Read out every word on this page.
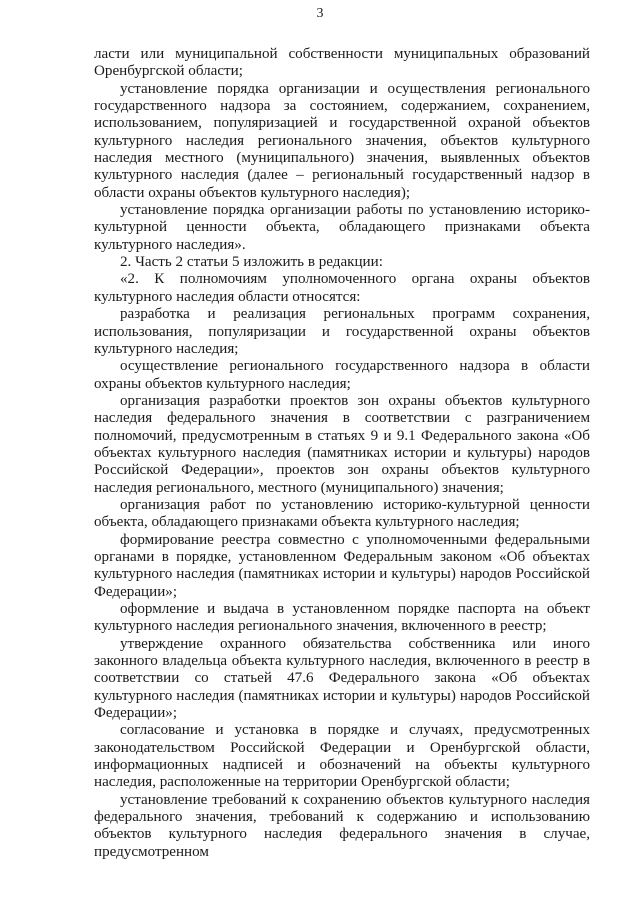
3

ласти или муниципальной собственности муниципальных образований Оренбургской области;

установление порядка организации и осуществления регионального государственного надзора за состоянием, содержанием, сохранением, использованием, популяризацией и государственной охраной объектов культурного наследия регионального значения, объектов культурного наследия местного (муниципального) значения, выявленных объектов культурного наследия (далее – региональный государственный надзор в области охраны объектов культурного наследия);

установление порядка организации работы по установлению историко-культурной ценности объекта, обладающего признаками объекта культурного наследия».

2. Часть 2 статьи 5 изложить в редакции:

«2. К полномочиям уполномоченного органа охраны объектов культурного наследия области относятся:

разработка и реализация региональных программ сохранения, использования, популяризации и государственной охраны объектов культурного наследия;

осуществление регионального государственного надзора в области охраны объектов культурного наследия;

организация разработки проектов зон охраны объектов культурного наследия федерального значения в соответствии с разграничением полномочий, предусмотренным в статьях 9 и 9.1 Федерального закона «Об объектах культурного наследия (памятниках истории и культуры) народов Российской Федерации», проектов зон охраны объектов культурного наследия регионального, местного (муниципального) значения;

организация работ по установлению историко-культурной ценности объекта, обладающего признаками объекта культурного наследия;

формирование реестра совместно с уполномоченными федеральными органами в порядке, установленном Федеральным законом «Об объектах культурного наследия (памятниках истории и культуры) народов Российской Федерации»;

оформление и выдача в установленном порядке паспорта на объект культурного наследия регионального значения, включенного в реестр;

утверждение охранного обязательства собственника или иного законного владельца объекта культурного наследия, включенного в реестр в соответствии со статьей 47.6 Федерального закона «Об объектах культурного наследия (памятниках истории и культуры) народов Российской Федерации»;

согласование и установка в порядке и случаях, предусмотренных законодательством Российской Федерации и Оренбургской области, информационных надписей и обозначений на объекты культурного наследия, расположенные на территории Оренбургской области;

установление требований к сохранению объектов культурного наследия федерального значения, требований к содержанию и использованию объектов культурного наследия федерального значения в случае, предусмотренном
